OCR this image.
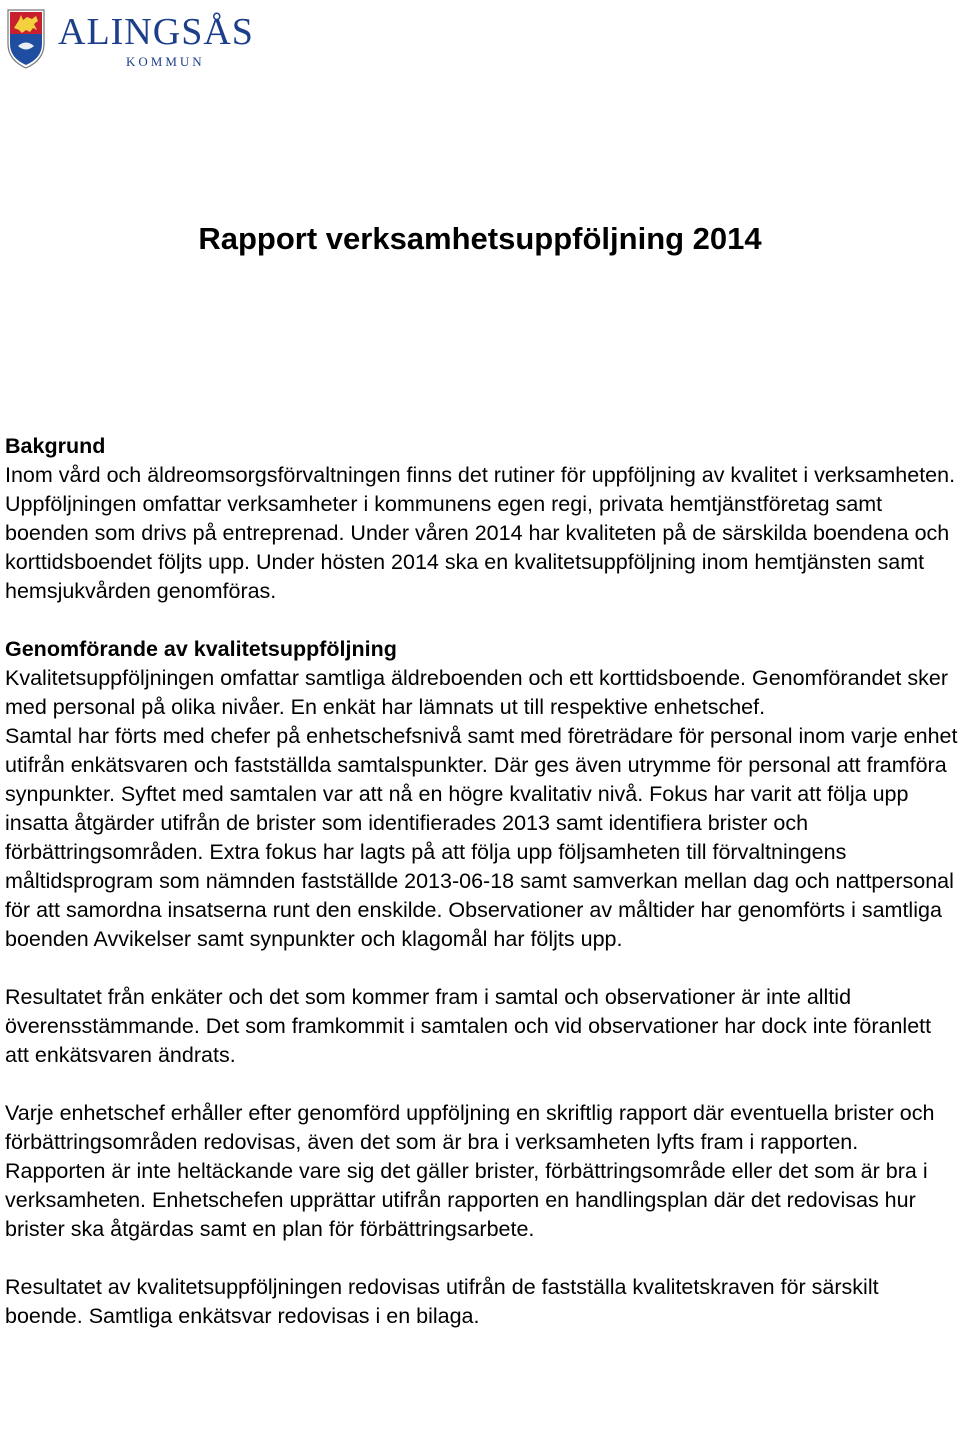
ALINGSÅS
KOMMUN
Rapport verksamhetsuppföljning 2014
Bakgrund

Inom vård och äldreomsorgsförvaltningen finns det rutiner för uppföljning av kvalitet i verksamheten. Uppföljningen omfattar verksamheter i kommunens egen regi, privata hemtjänstföretag samt boenden som drivs på entreprenad. Under våren 2014 har kvaliteten på de särskilda boendena och korttidsboendet följts upp. Under hösten 2014 ska en kvalitetsuppföljning inom hemtjänsten samt hemsjukvården genomföras.

Genomförande av kvalitetsuppföljning

Kvalitetsuppföljningen omfattar samtliga äldreboenden och ett korttidsboende. Genomförandet sker med personal på olika nivåer. En enkät har lämnats ut till respektive enhetschef.

Samtal har förts med chefer på enhetschefsnivå samt med företrädare för personal inom varje enhet utifrån enkätsvaren och fastställda samtalspunkter. Där ges även utrymme för personal att framföra synpunkter. Syftet med samtalen var att nå en högre kvalitativ nivå. Fokus har varit att följa upp insatta åtgärder utifrån de brister som identifierades 2013 samt identifiera brister och förbättringsområden. Extra fokus har lagts på att följa upp följsamheten till förvaltningens måltidsprogram som nämnden fastställde 2013-06-18 samt samverkan mellan dag och nattpersonal för att samordna insatserna runt den enskilde. Observationer av måltider har genomförts i samtliga boenden Avvikelser samt synpunkter och klagomål har följts upp.

Resultatet från enkäter och det som kommer fram i samtal och observationer är inte alltid överensstämmande. Det som framkommit i samtalen och vid observationer har dock inte föranlett att enkätsvaren ändrats.

Varje enhetschef erhåller efter genomförd uppföljning en skriftlig rapport där eventuella brister och förbättringsområden redovisas, även det som är bra i verksamheten lyfts fram i rapporten. Rapporten är inte heltäckande vare sig det gäller brister, förbättringsområde eller det som är bra i verksamheten. Enhetschefen upprättar utifrån rapporten en handlingsplan där det redovisas hur brister ska åtgärdas samt en plan för förbättringsarbete.

Resultatet av kvalitetsuppföljningen redovisas utifrån de fastställa kvalitetskraven för särskilt boende. Samtliga enkätsvar redovisas i en bilaga.
